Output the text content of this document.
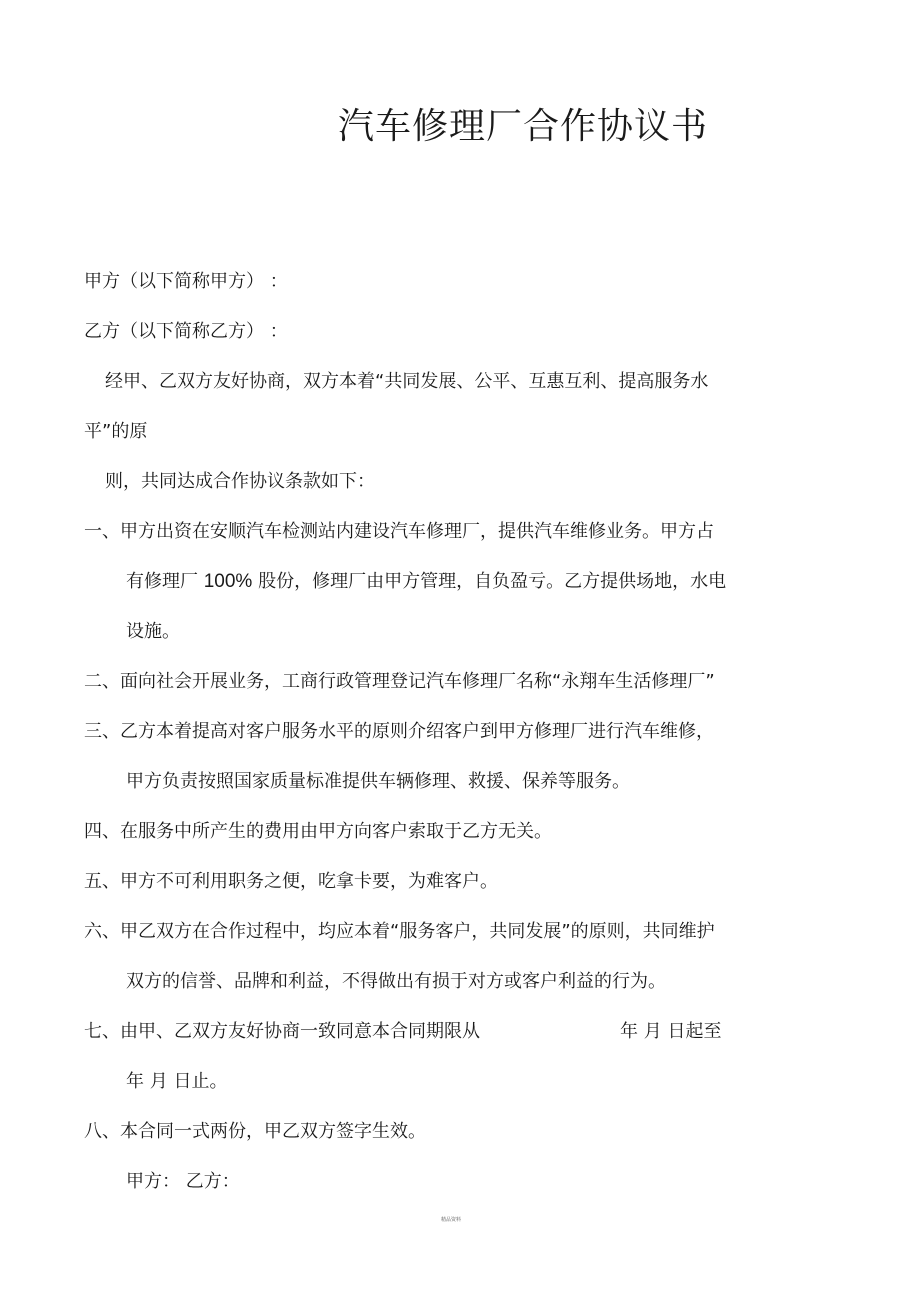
汽车修理厂合作协议书
甲方（以下简称甲方） ：
乙方（以下简称乙方） ：
经甲、乙双方友好协商，双方本着“共同发展、公平、互惠互利、提高服务水
平”的原
则，共同达成合作协议条款如下：
一、甲方出资在安顺汽车检测站内建设汽车修理厂，提供汽车维修业务。甲方占
有修理厂 100% 股份，修理厂由甲方管理，自负盈亏。乙方提供场地，水电
设施。
二、面向社会开展业务，工商行政管理登记汽车修理厂名称“永翔车生活修理厂”
三、乙方本着提高对客户服务水平的原则介绍客户到甲方修理厂进行汽车维修，
甲方负责按照国家质量标准提供车辆修理、救援、保养等服务。
四、在服务中所产生的费用由甲方向客户索取于乙方无关。
五、甲方不可利用职务之便，吃拿卡要，为难客户。
六、甲乙双方在合作过程中，均应本着“服务客户，共同发展”的原则，共同维护
双方的信誉、品牌和利益，不得做出有损于对方或客户利益的行为。
七、由甲、乙双方友好协商一致同意本合同期限从	年 月 日起至
年 月 日止。
八、本合同一式两份，甲乙双方签字生效。
甲方： 乙方：
精品资料
